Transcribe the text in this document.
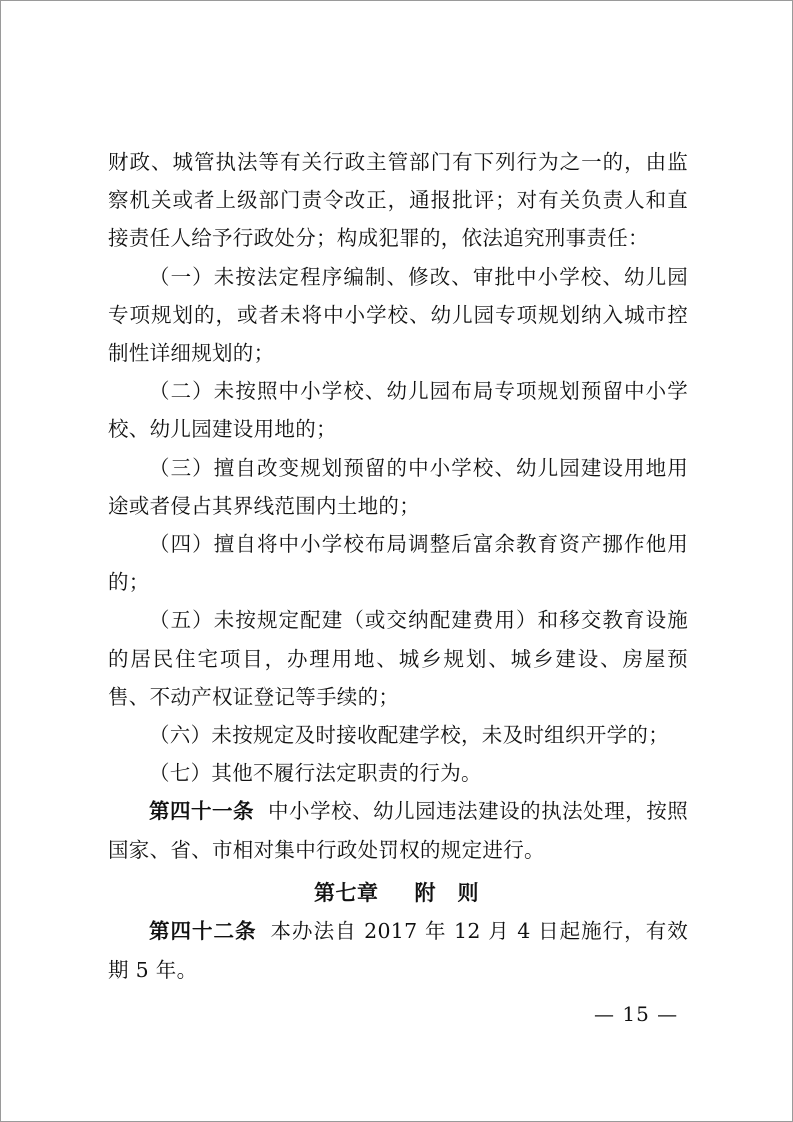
财政、城管执法等有关行政主管部门有下列行为之一的，由监察机关或者上级部门责令改正，通报批评；对有关负责人和直接责任人给予行政处分；构成犯罪的，依法追究刑事责任：

（一）未按法定程序编制、修改、审批中小学校、幼儿园专项规划的，或者未将中小学校、幼儿园专项规划纳入城市控制性详细规划的；

（二）未按照中小学校、幼儿园布局专项规划预留中小学校、幼儿园建设用地的；

（三）擅自改变规划预留的中小学校、幼儿园建设用地用途或者侵占其界线范围内土地的；

（四）擅自将中小学校布局调整后富余教育资产挪作他用的；

（五）未按规定配建（或交纳配建费用）和移交教育设施的居民住宅项目，办理用地、城乡规划、城乡建设、房屋预售、不动产权证登记等手续的；

（六）未按规定及时接收配建学校，未及时组织开学的；

（七）其他不履行法定职责的行为。

第四十一条 中小学校、幼儿园违法建设的执法处理，按照国家、省、市相对集中行政处罚权的规定进行。

第七章 附　则

第四十二条 本办法自 2017 年 12 月 4 日起施行，有效期 5 年。

— 15 —
